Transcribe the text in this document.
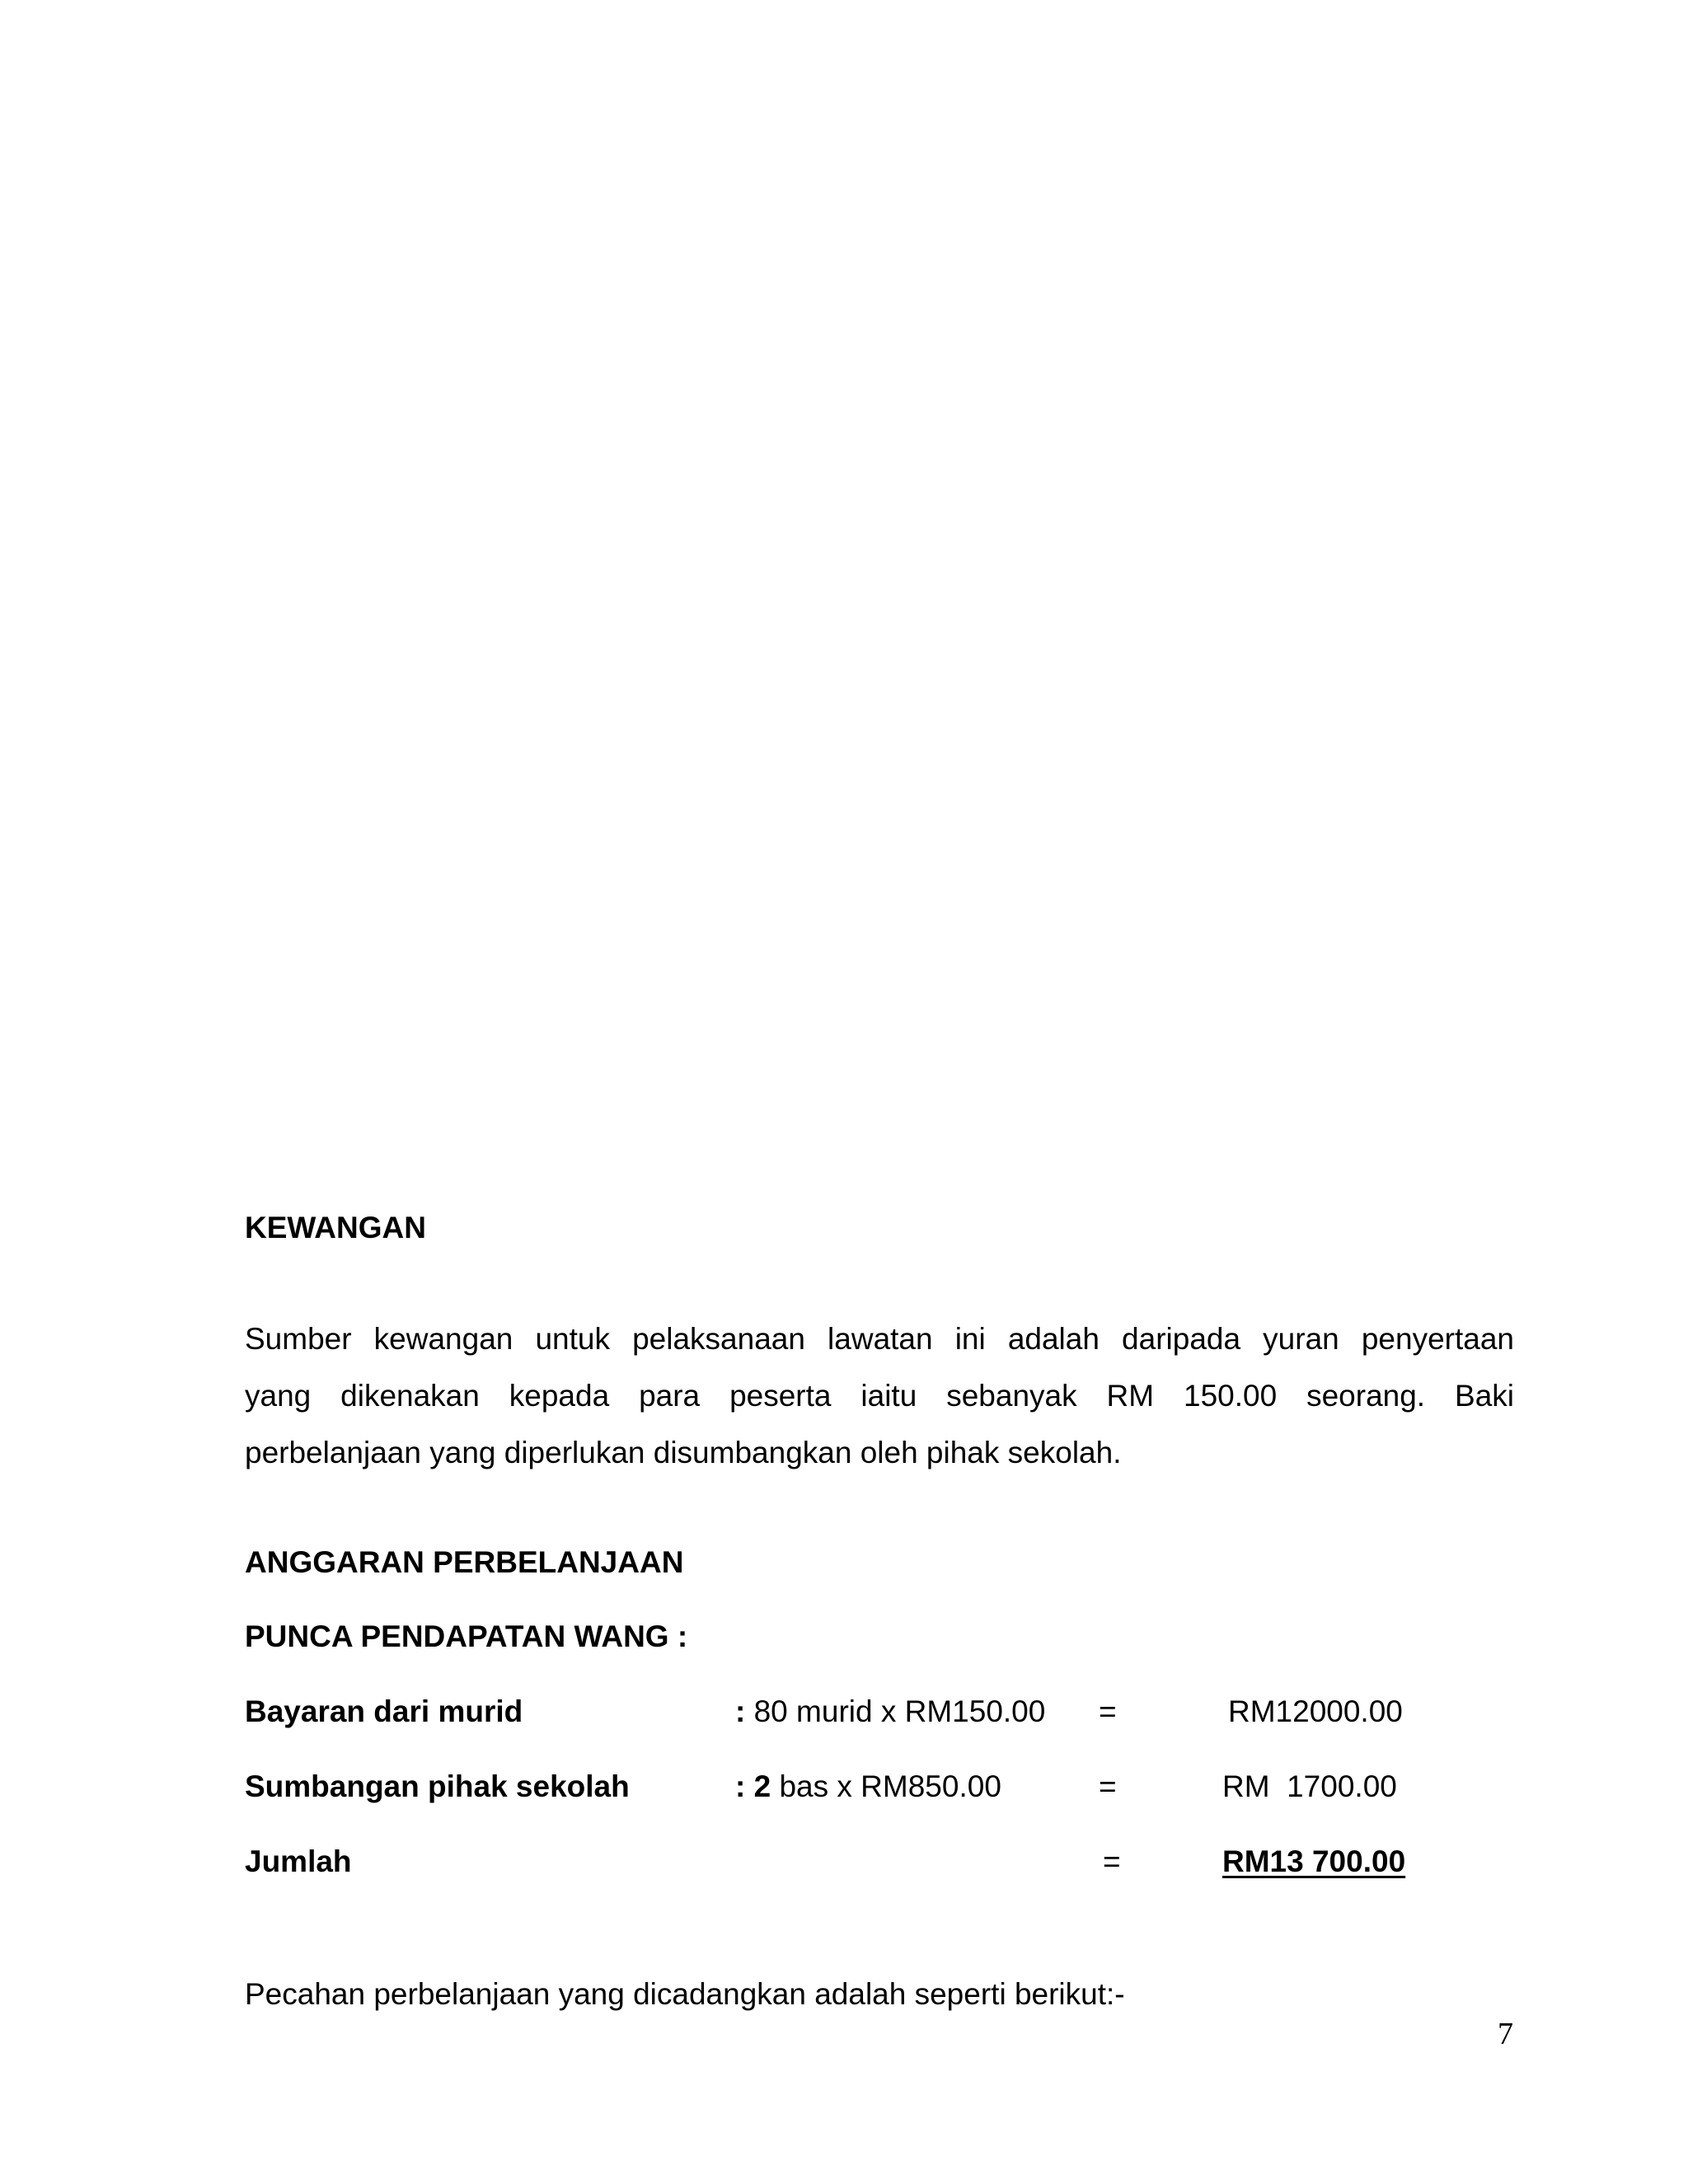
KEWANGAN
Sumber kewangan untuk pelaksanaan lawatan ini adalah daripada yuran penyertaan
yang dikenakan kepada para peserta iaitu sebanyak RM 150.00 seorang. Baki
perbelanjaan yang diperlukan disumbangkan oleh pihak sekolah.
ANGGARAN PERBELANJAAN
PUNCA PENDAPATAN WANG :
Bayaran dari murid	: 80 murid x RM150.00 =	RM12000.00
Sumbangan pihak sekolah	: 2 bas x RM850.00	=	RM  1700.00
Jumlah	=	RM13 700.00
Pecahan perbelanjaan yang dicadangkan adalah seperti berikut:-
7
